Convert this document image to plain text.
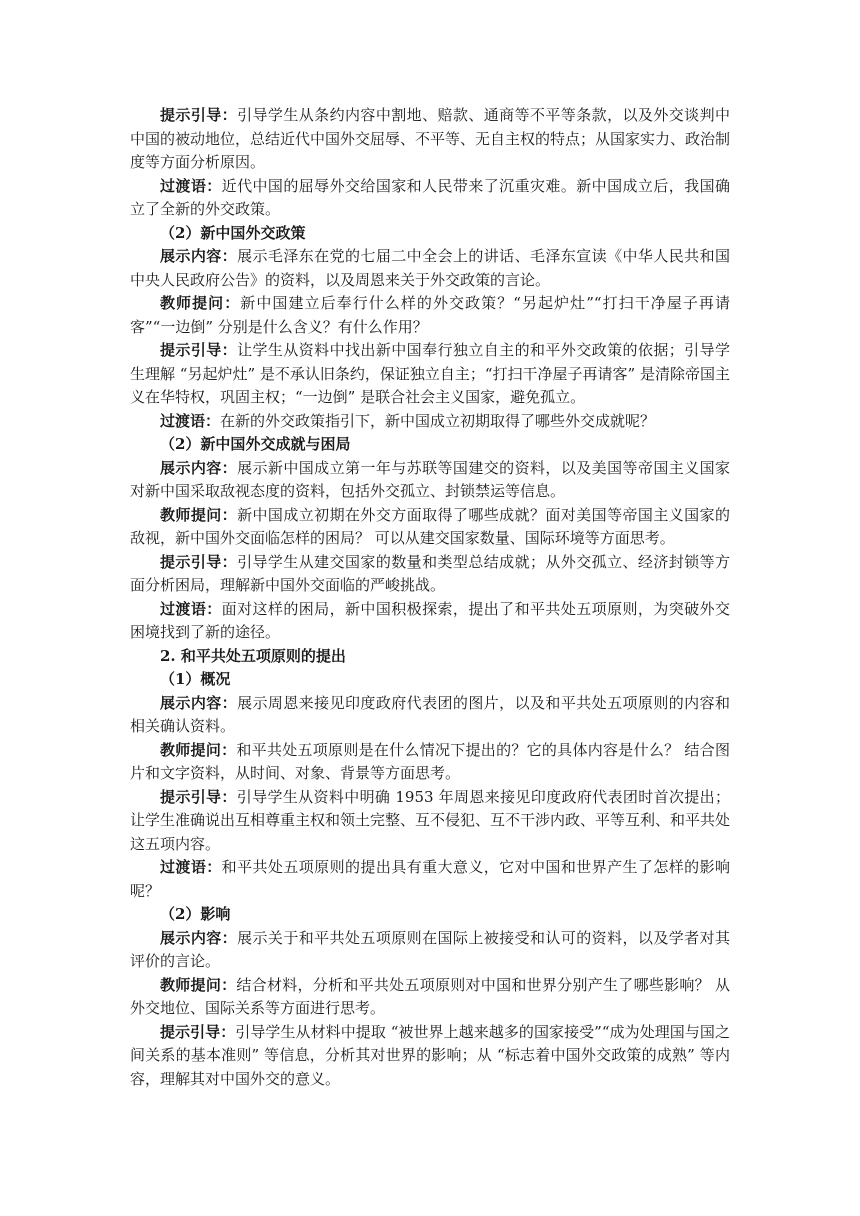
提示引导：引导学生从条约内容中割地、赔款、通商等不平等条款，以及外交谈判中中国的被动地位，总结近代中国外交屈辱、不平等、无自主权的特点；从国家实力、政治制度等方面分析原因。

过渡语：近代中国的屈辱外交给国家和人民带来了沉重灾难。新中国成立后，我国确立了全新的外交政策。

（2）新中国外交政策

展示内容：展示毛泽东在党的七届二中全会上的讲话、毛泽东宣读《中华人民共和国中央人民政府公告》的资料，以及周恩来关于外交政策的言论。

教师提问：新中国建立后奉行什么样的外交政策？“另起炉灶”“打扫干净屋子再请客”“一边倒” 分别是什么含义？有什么作用？

提示引导：让学生从资料中找出新中国奉行独立自主的和平外交政策的依据；引导学生理解 “另起炉灶” 是不承认旧条约，保证独立自主；“打扫干净屋子再请客” 是清除帝国主义在华特权，巩固主权；“一边倒” 是联合社会主义国家，避免孤立。

过渡语：在新的外交政策指引下，新中国成立初期取得了哪些外交成就呢？

（2）新中国外交成就与困局

展示内容：展示新中国成立第一年与苏联等国建交的资料，以及美国等帝国主义国家对新中国采取敌视态度的资料，包括外交孤立、封锁禁运等信息。

教师提问：新中国成立初期在外交方面取得了哪些成就？面对美国等帝国主义国家的敌视，新中国外交面临怎样的困局？ 可以从建交国家数量、国际环境等方面思考。

提示引导：引导学生从建交国家的数量和类型总结成就；从外交孤立、经济封锁等方面分析困局，理解新中国外交面临的严峻挑战。

过渡语：面对这样的困局，新中国积极探索，提出了和平共处五项原则，为突破外交困境找到了新的途径。

2. 和平共处五项原则的提出

（1）概况

展示内容：展示周恩来接见印度政府代表团的图片，以及和平共处五项原则的内容和相关确认资料。

教师提问：和平共处五项原则是在什么情况下提出的？它的具体内容是什么？ 结合图片和文字资料，从时间、对象、背景等方面思考。

提示引导：引导学生从资料中明确 1953 年周恩来接见印度政府代表团时首次提出；让学生准确说出互相尊重主权和领土完整、互不侵犯、互不干涉内政、平等互利、和平共处这五项内容。

过渡语：和平共处五项原则的提出具有重大意义，它对中国和世界产生了怎样的影响呢？

（2）影响

展示内容：展示关于和平共处五项原则在国际上被接受和认可的资料，以及学者对其评价的言论。

教师提问：结合材料，分析和平共处五项原则对中国和世界分别产生了哪些影响？ 从外交地位、国际关系等方面进行思考。

提示引导：引导学生从材料中提取 “被世界上越来越多的国家接受”“成为处理国与国之间关系的基本准则” 等信息，分析其对世界的影响；从 “标志着中国外交政策的成熟” 等内容，理解其对中国外交的意义。
